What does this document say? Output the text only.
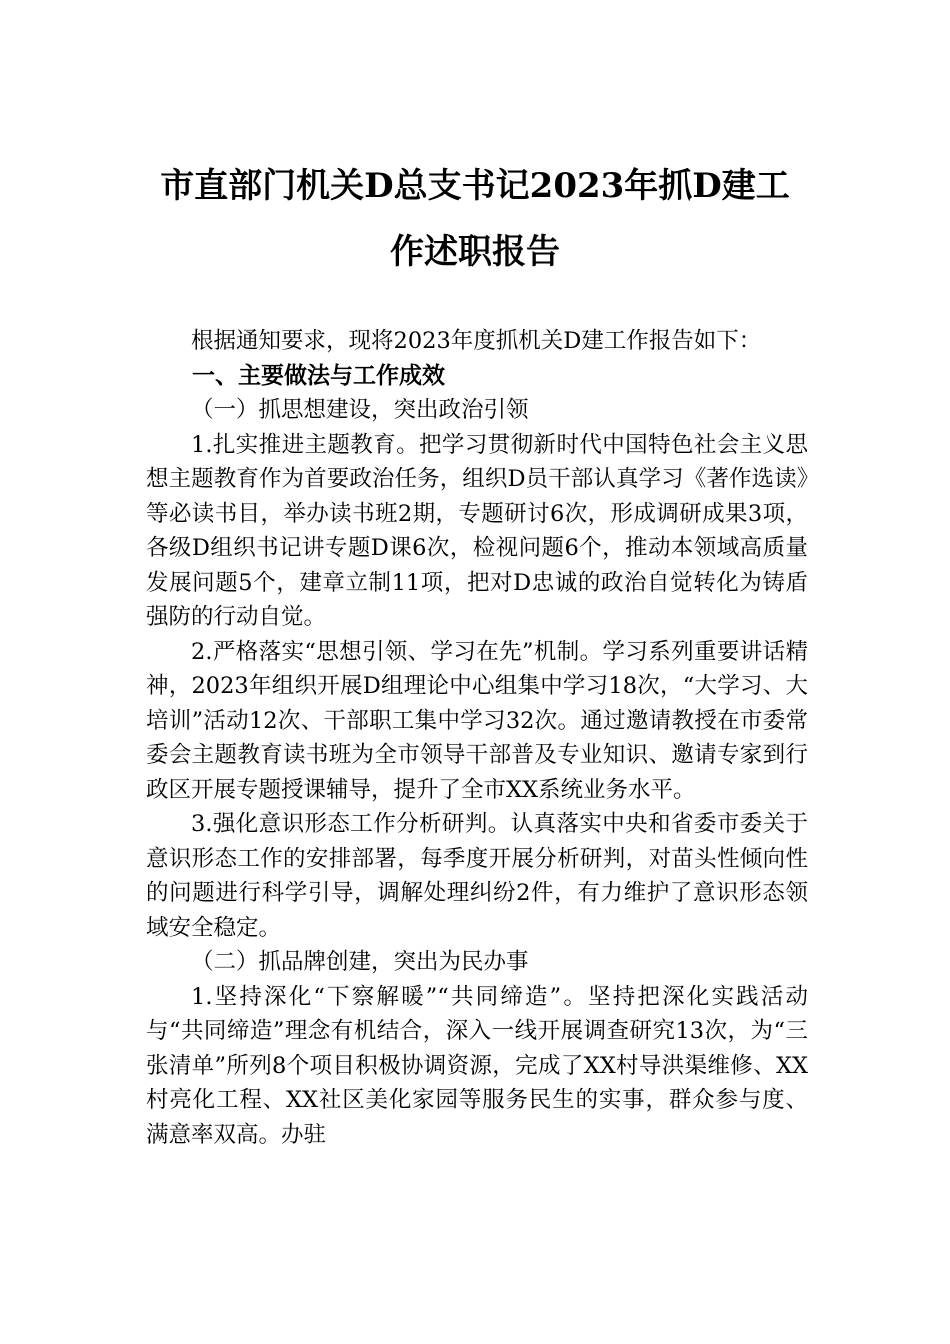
市直部门机关D总支书记2023年抓D建工
作述职报告

根据通知要求，现将2023年度抓机关D建工作报告如下：

一、主要做法与工作成效

（一）抓思想建设，突出政治引领

1.扎实推进主题教育。把学习贯彻新时代中国特色社会主义思想主题教育作为首要政治任务，组织D员干部认真学习《著作选读》等必读书目，举办读书班2期，专题研讨6次，形成调研成果3项，各级D组织书记讲专题D课6次，检视问题6个，推动本领域高质量发展问题5个，建章立制11项，把对D忠诚的政治自觉转化为铸盾强防的行动自觉。

2.严格落实“思想引领、学习在先”机制。学习系列重要讲话精神，2023年组织开展D组理论中心组集中学习18次，“大学习、大培训”活动12次、干部职工集中学习32次。通过邀请教授在市委常委会主题教育读书班为全市领导干部普及专业知识、邀请专家到行政区开展专题授课辅导，提升了全市XX系统业务水平。

3.强化意识形态工作分析研判。认真落实中央和省委市委关于意识形态工作的安排部署，每季度开展分析研判，对苗头性倾向性的问题进行科学引导，调解处理纠纷2件，有力维护了意识形态领域安全稳定。

（二）抓品牌创建，突出为民办事

1.坚持深化“下察解暖”“共同缔造”。坚持把深化实践活动与“共同缔造”理念有机结合，深入一线开展调查研究13次，为“三张清单”所列8个项目积极协调资源，完成了XX村导洪渠维修、XX村亮化工程、XX社区美化家园等服务民生的实事，群众参与度、满意率双高。办驻
